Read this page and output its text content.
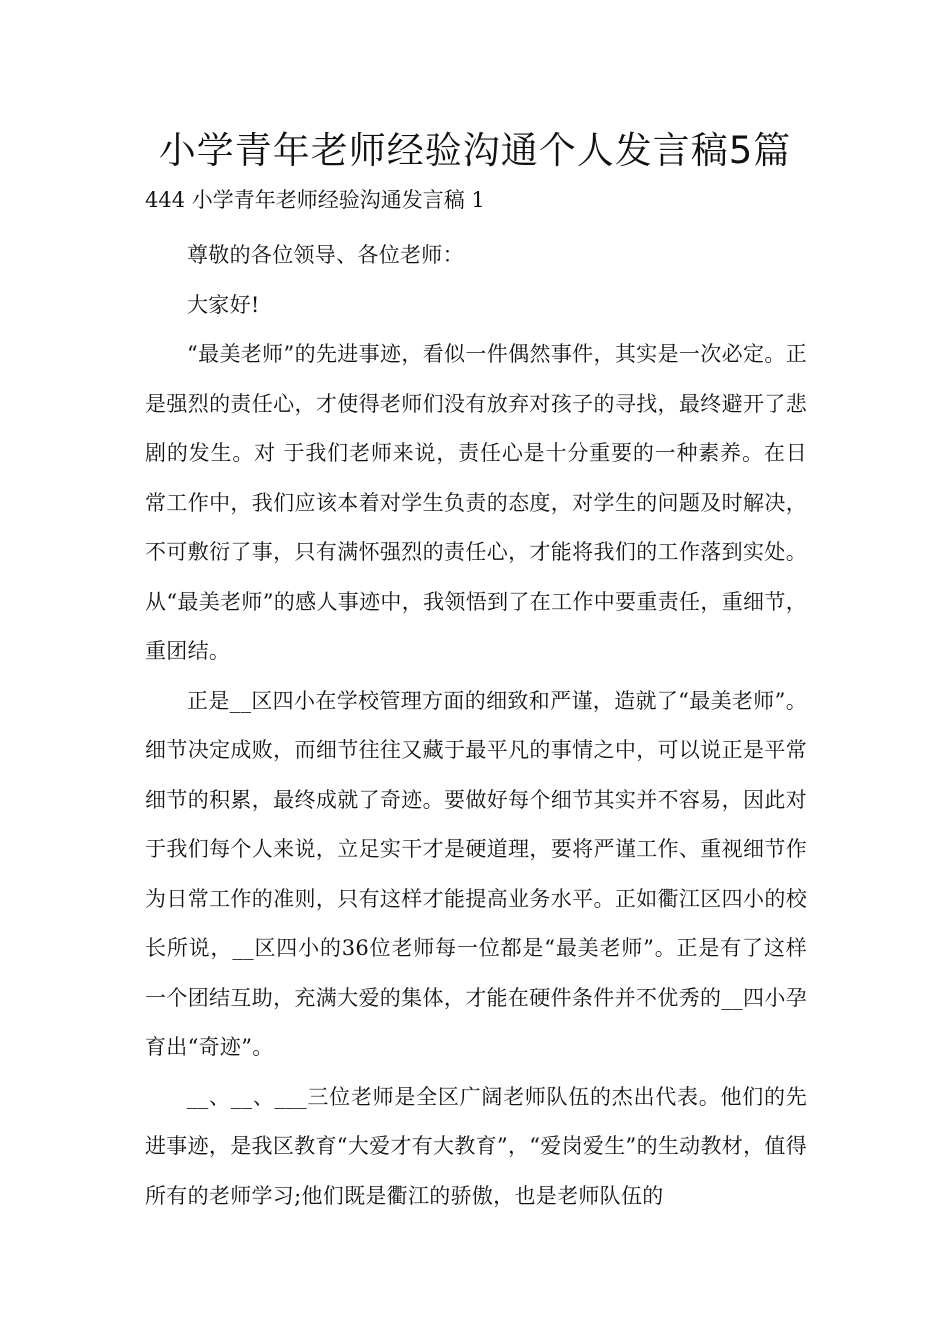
小学青年老师经验沟通个人发言稿5篇

444 小学青年老师经验沟通发言稿 1

尊敬的各位领导、各位老师：

大家好!

“最美老师”的先进事迹，看似一件偶然事件，其实是一次必定。正是强烈的责任心，才使得老师们没有放弃对孩子的寻找，最终避开了悲剧的发生。对 于我们老师来说，责任心是十分重要的一种素养。在日常工作中，我们应该本着对学生负责的态度，对学生的问题及时解决，不可敷衍了事，只有满怀强烈的责任心，才能将我们的工作落到实处。从“最美老师”的感人事迹中，我领悟到了在工作中要重责任，重细节，重团结。

正是__区四小在学校管理方面的细致和严谨，造就了“最美老师”。细节决定成败，而细节往往又藏于最平凡的事情之中，可以说正是平常细节的积累，最终成就了奇迹。要做好每个细节其实并不容易，因此对于我们每个人来说，立足实干才是硬道理，要将严谨工作、重视细节作为日常工作的准则，只有这样才能提高业务水平。正如衢江区四小的校长所说，__区四小的36位老师每一位都是“最美老师”。正是有了这样一个团结互助，充满大爱的集体，才能在硬件条件并不优秀的__四小孕育出“奇迹”。

__、__、___三位老师是全区广阔老师队伍的杰出代表。他们的先进事迹，是我区教育“大爱才有大教育”，“爱岗爱生”的生动教材，值得所有的老师学习;他们既是衢江的骄傲，也是老师队伍的
